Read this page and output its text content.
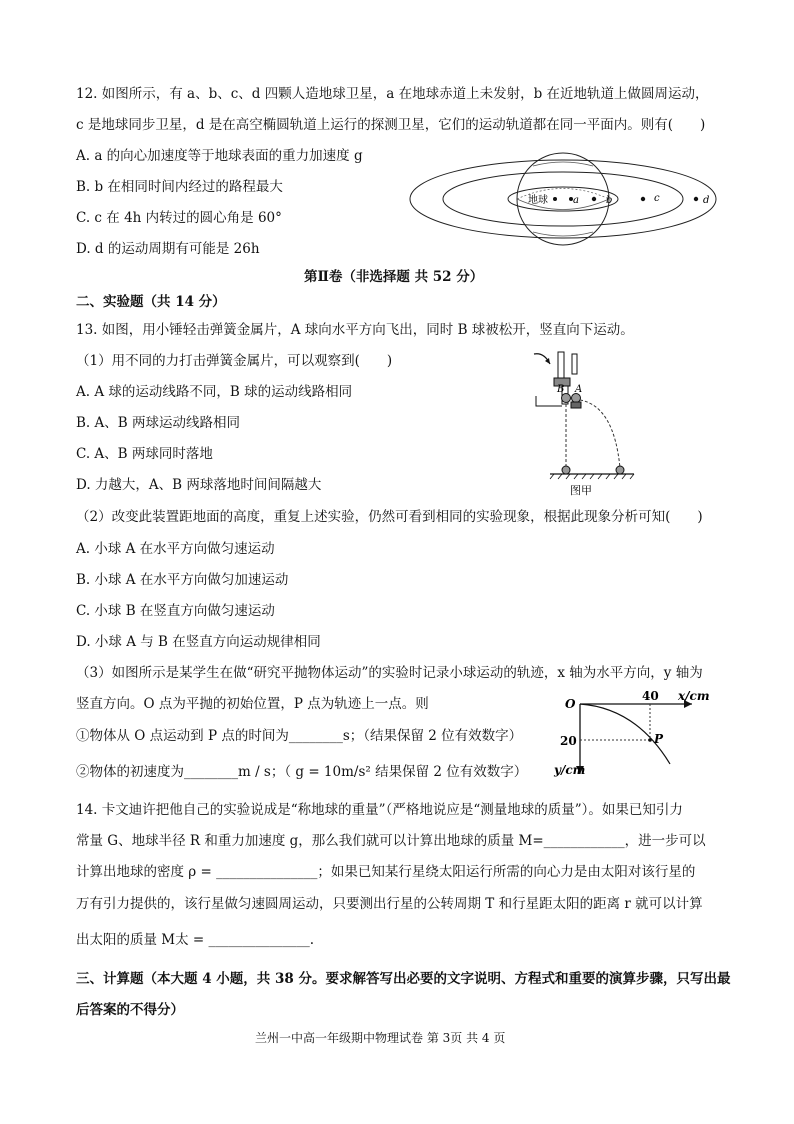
12. 如图所示，有 a、b、c、d 四颗人造地球卫星，a 在地球赤道上未发射，b 在近地轨道上做圆周运动，
c 是地球同步卫星，d 是在高空椭圆轨道上运行的探测卫星，它们的运动轨道都在同一平面内。则有(　　)
A. a 的向心加速度等于地球表面的重力加速度 g
B. b 在相同时间内经过的路程最大
C. c 在 4h 内转过的圆心角是 60°
D. d 的运动周期有可能是 26h
地球	a	b	c	d
第Ⅱ卷（非选择题 共 52 分）
二、实验题（共 14 分）
13. 如图，用小锤轻击弹簧金属片，A 球向水平方向飞出，同时 B 球被松开，竖直向下运动。
（1）用不同的力打击弹簧金属片，可以观察到(　　)
A. A 球的运动线路不同，B 球的运动线路相同
B. A、B 两球运动线路相同
C. A、B 两球同时落地
D. 力越大，A、B 两球落地时间间隔越大
B A
图甲
（2）改变此装置距地面的高度，重复上述实验，仍然可看到相同的实验现象，根据此现象分析可知(　　)
A. 小球 A 在水平方向做匀速运动
B. 小球 A 在水平方向做匀加速运动
C. 小球 B 在竖直方向做匀速运动
D. 小球 A 与 B 在竖直方向运动规律相同
（3）如图所示是某学生在做“研究平抛物体运动”的实验时记录小球运动的轨迹，x 轴为水平方向，y 轴为
竖直方向。O 点为平抛的初始位置，P 点为轨迹上一点。则
①物体从 O 点运动到 P 点的时间为________s；（结果保留 2 位有效数字）
②物体的初速度为________m / s；（ g = 10m/s² 结果保留 2 位有效数字）
O
40 x/cm
20	P
y/cm
14. 卡文迪许把他自己的实验说成是“称地球的重量”（严格地说应是“测量地球的质量”）。如果已知引力
常量 G、地球半径 R 和重力加速度 g，那么我们就可以计算出地球的质量 M=____________，进一步可以
计算出地球的密度 ρ = _______________；如果已知某行星绕太阳运行所需的向心力是由太阳对该行星的
万有引力提供的，该行星做匀速圆周运动，只要测出行星的公转周期 T 和行星距太阳的距离 r 就可以计算
出太阳的质量 M太 = _______________.
三、计算题（本大题 4 小题，共 38 分。要求解答写出必要的文字说明、方程式和重要的演算步骤，只写出最
后答案的不得分）
兰州一中高一年级期中物理试卷 第 3页 共 4 页
